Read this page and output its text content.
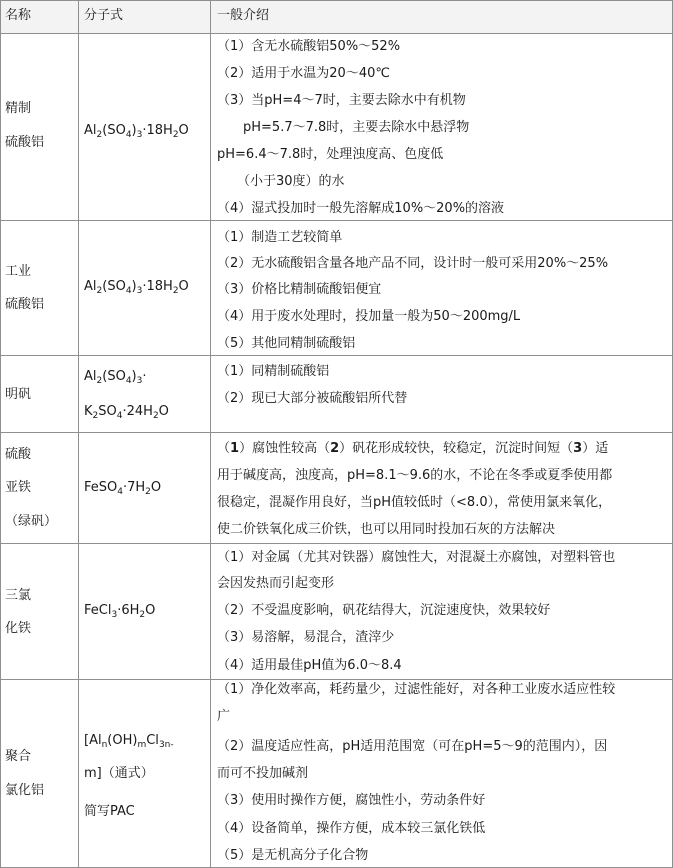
名称	分子式	一般介绍
精制
硫酸铝
$Al_2(SO_4)_3\cdot 18H_2O$
（1）含无水硫酸铝50%～52%
（2）适用于水温为20～40℃
（3）当pH=4～7时，主要去除水中有机物
pH=5.7～7.8时，主要去除水中悬浮物
pH=6.4～7.8时，处理浊度高、色度低
（小于30度）的水
（4）湿式投加时一般先溶解成10%～20%的溶液
工业
硫酸铝
$Al_2(SO_4)_3\cdot 18H_2O$
（1）制造工艺较简单
（2）无水硫酸铝含量各地产品不同，设计时一般可采用20%～25%
（3）价格比精制硫酸铝便宜
（4）用于废水处理时，投加量一般为50～200mg/L
（5）其他同精制硫酸铝
明矾
$Al_2(SO_4)_3\cdot$
$K_2SO_4\cdot 24H_2O$
（1）同精制硫酸铝
（2）现已大部分被硫酸铝所代替
硫酸
亚铁
（绿矾）
$FeSO_4\cdot 7H_2O$
（1）腐蚀性较高（2）矾花形成较快，较稳定，沉淀时间短（3）适
用于碱度高，浊度高，pH=8.1～9.6的水，不论在冬季或夏季使用都
很稳定，混凝作用良好，当pH值较低时（<8.0），常使用氯来氧化，
使二价铁氧化成三价铁，也可以用同时投加石灰的方法解决
三氯
化铁
$FeCl_3\cdot 6H_2O$
（1）对金属（尤其对铁器）腐蚀性大，对混凝土亦腐蚀，对塑料管也
会因发热而引起变形
（2）不受温度影响，矾花结得大，沉淀速度快，效果较好
（3）易溶解，易混合，渣滓少
（4）适用最佳pH值为6.0～8.4
聚合
氯化铝
[$Al_n(OH)_mCl_{3n-}$
m]（通式）
简写PAC
（1）净化效率高，耗药量少，过滤性能好，对各种工业废水适应性较
广
（2）温度适应性高，pH适用范围宽（可在pH=5～9的范围内），因
而可不投加碱剂
（3）使用时操作方便，腐蚀性小，劳动条件好
（4）设备简单，操作方便，成本较三氯化铁低
（5）是无机高分子化合物
